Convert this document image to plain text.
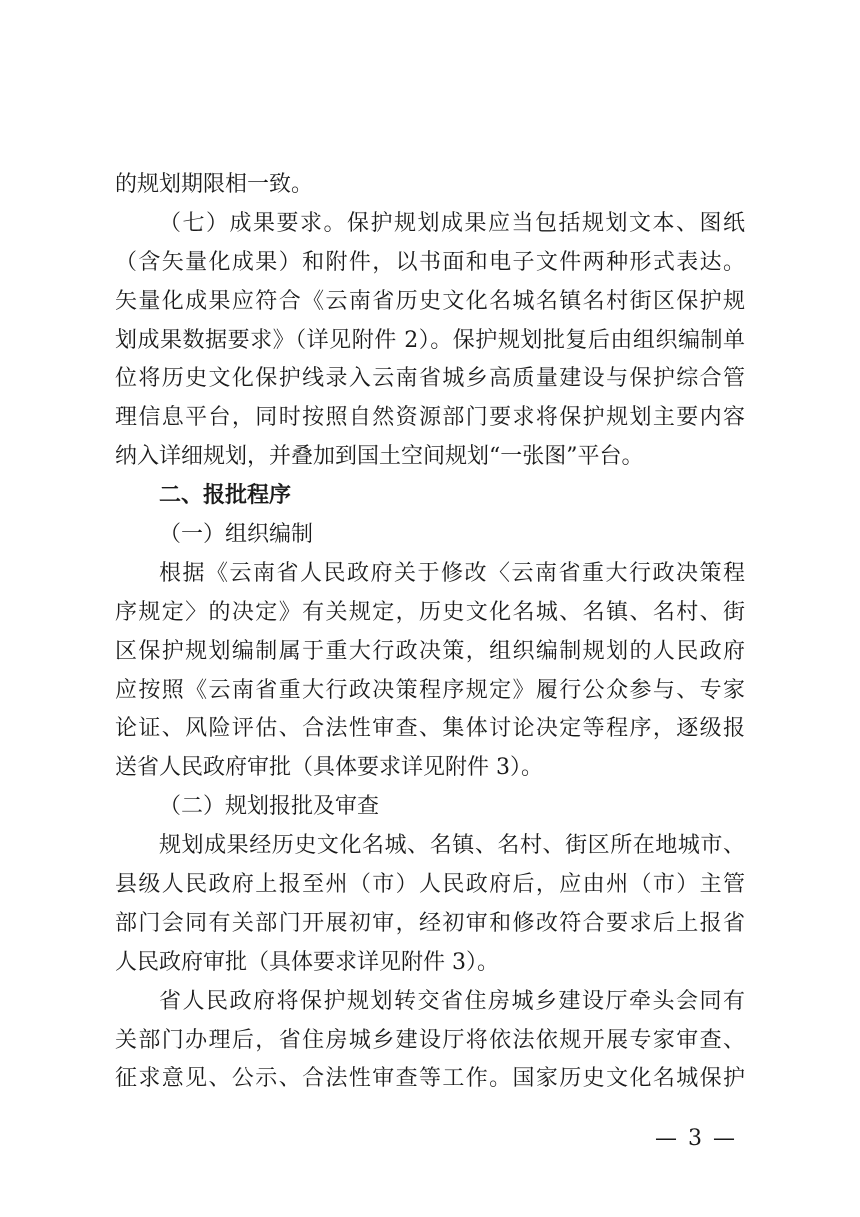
的规划期限相一致。
（七）成果要求。保护规划成果应当包括规划文本、图纸
（含矢量化成果）和附件，以书面和电子文件两种形式表达。
矢量化成果应符合《云南省历史文化名城名镇名村街区保护规
划成果数据要求》（详见附件 2）。保护规划批复后由组织编制单
位将历史文化保护线录入云南省城乡高质量建设与保护综合管
理信息平台，同时按照自然资源部门要求将保护规划主要内容
纳入详细规划，并叠加到国土空间规划“一张图”平台。
二、报批程序
（一）组织编制
根据《云南省人民政府关于修改〈云南省重大行政决策程
序规定〉的决定》有关规定，历史文化名城、名镇、名村、街
区保护规划编制属于重大行政决策，组织编制规划的人民政府
应按照《云南省重大行政决策程序规定》履行公众参与、专家
论证、风险评估、合法性审查、集体讨论决定等程序，逐级报
送省人民政府审批（具体要求详见附件 3）。
（二）规划报批及审查
规划成果经历史文化名城、名镇、名村、街区所在地城市、
县级人民政府上报至州（市）人民政府后，应由州（市）主管
部门会同有关部门开展初审，经初审和修改符合要求后上报省
人民政府审批（具体要求详见附件 3）。
省人民政府将保护规划转交省住房城乡建设厅牵头会同有
关部门办理后，省住房城乡建设厅将依法依规开展专家审查、
征求意见、公示、合法性审查等工作。国家历史文化名城保护
— 3 —
